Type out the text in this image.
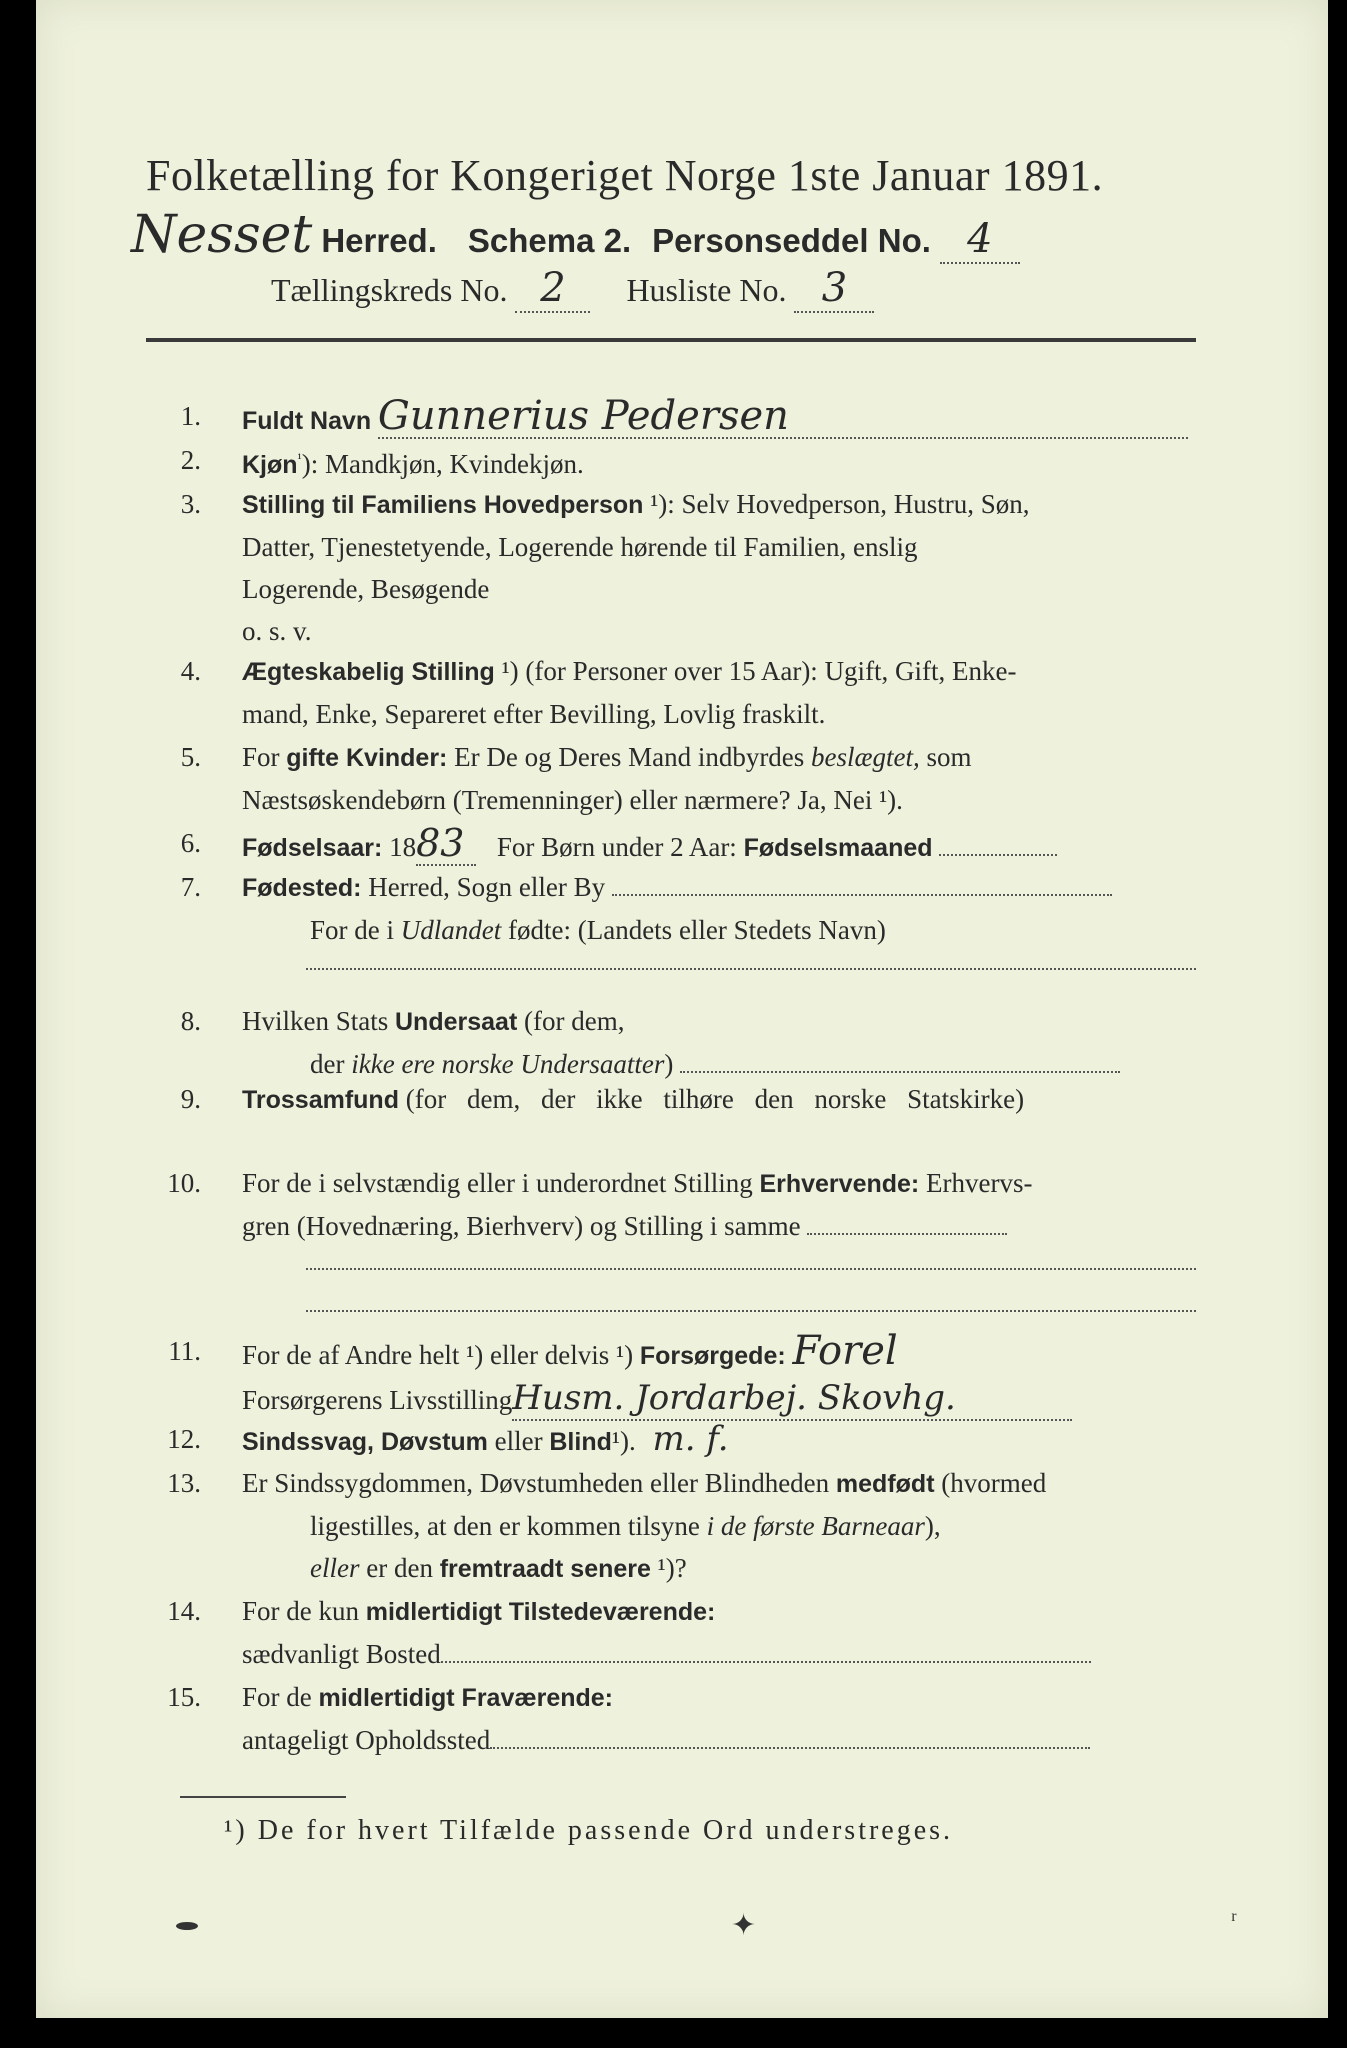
Folketælling for Kongeriget Norge 1ste Januar 1891.
Nesset Herred. Schema 2. Personseddel No. 4
Tællingskreds No. 2 Husliste No. 3
1. Fuldt Navn Gunnerius Pedersen
2. Kjøn$^{^1}$): Mandkjøn, Kvindekjøn.
3. Stilling til Familiens Hovedperson ¹): Selv Hovedperson, Hustru, Søn,
Datter, Tjenestetyende, Logerende hørende til Familien, enslig
Logerende, Besøgende
o. s. v.
4. Ægteskabelig Stilling ¹) (for Personer over 15 Aar): Ugift, Gift, Enke-
mand, Enke, Separeret efter Bevilling, Lovlig fraskilt.
5. For gifte Kvinder: Er De og Deres Mand indbyrdes beslægtet, som
Næstsøskendebørn (Tremenninger) eller nærmere? Ja, Nei ¹).
6. Fødselsaar: 1883 For Børn under 2 Aar: Fødselsmaaned
7. Fødested: Herred, Sogn eller By
For de i Udlandet fødte: (Landets eller Stedets Navn)
8. Hvilken Stats Undersaat (for dem,
der ikke ere norske Undersaatter)
9. Trossamfund (for dem, der ikke tilhøre den norske Statskirke)
10. For de i selvstændig eller i underordnet Stilling Erhvervende: Erhvervs-
gren (Hovednæring, Bierhverv) og Stilling i samme
11. For de af Andre helt ¹) eller delvis ¹) Forsørgede: Forel
Forsørgerens LivsstillingHusm. Jordarbej. Skovhg.
12. Sindssvag, Døvstum eller Blind¹). m. f.
13. Er Sindssygdommen, Døvstumheden eller Blindheden medfødt (hvormed
ligestilles, at den er kommen tilsyne i de første Barneaar),
eller er den fremtraadt senere ¹)?
14. For de kun midlertidigt Tilstedeværende:
sædvanligt Bosted
15. For de midlertidigt Fraværende:
antageligt Opholdssted
¹) De for hvert Tilfælde passende Ord understreges.
✦	ʳ
